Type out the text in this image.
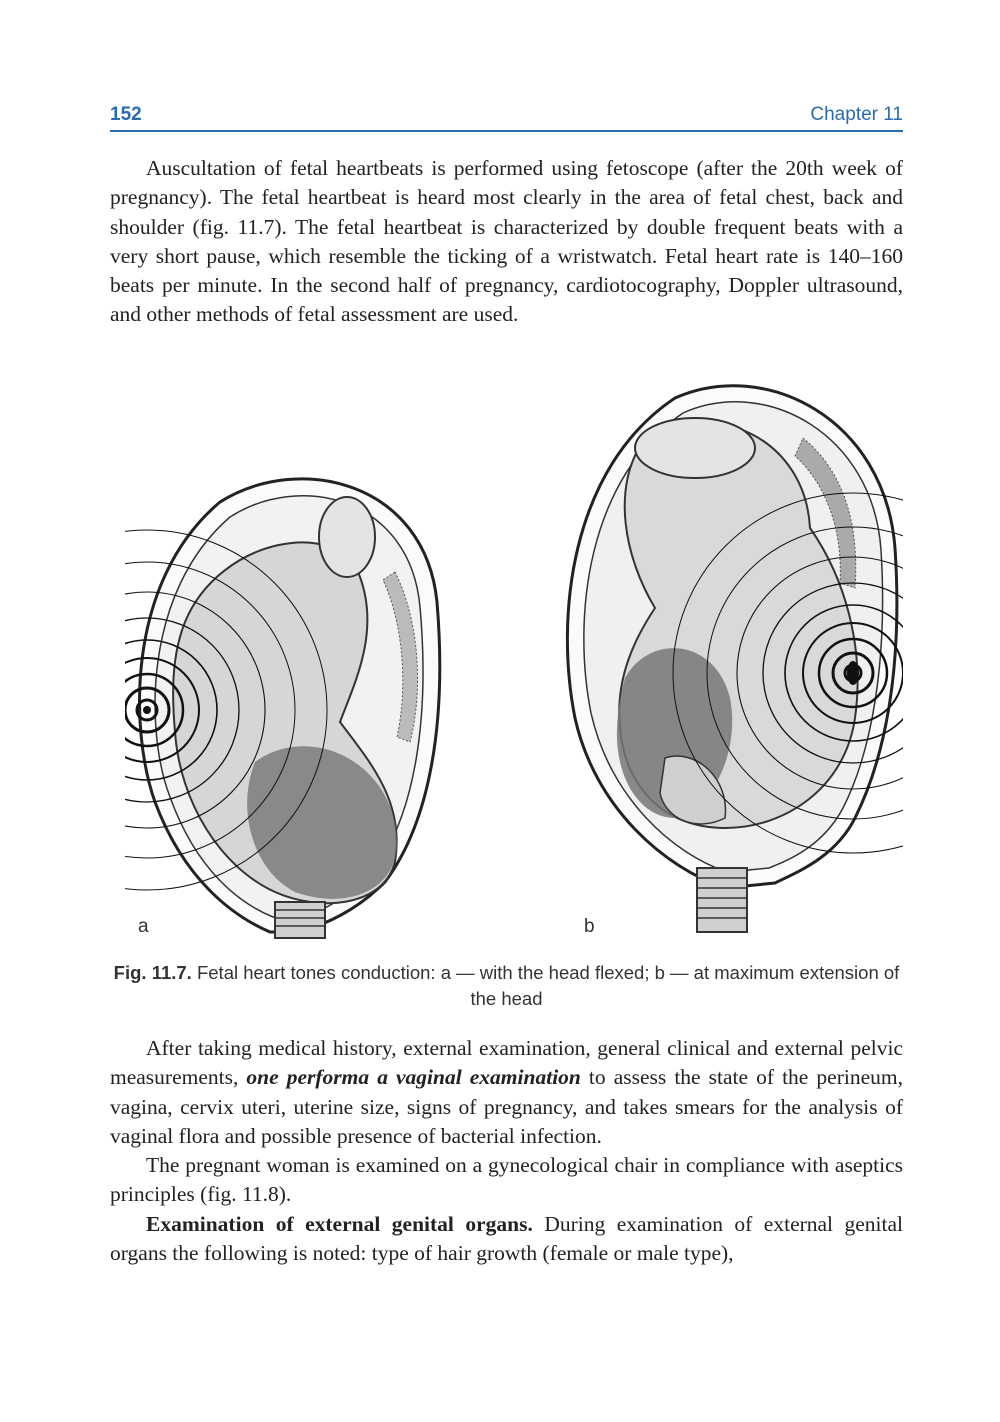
152	Chapter 11

Auscultation of fetal heartbeats is performed using fetoscope (after the 20th week of pregnancy). The fetal heartbeat is heard most clearly in the area of fetal chest, back and shoulder (fig. 11.7). The fetal heartbeat is characterized by double frequent beats with a very short pause, which resemble the ticking of a wristwatch. Fetal heart rate is 140–160 beats per minute. In the second half of pregnancy, cardiotocography, Doppler ultrasound, and other methods of fetal assessment are used.

a	b
Fig. 11.7. Fetal heart tones conduction: a — with the head flexed; b — at maximum extension of the head

After taking medical history, external examination, general clinical and external pelvic measurements, one performa a vaginal examination to assess the state of the perineum, vagina, cervix uteri, uterine size, signs of pregnancy, and takes smears for the analysis of vaginal flora and possible presence of bacterial infection.

The pregnant woman is examined on a gynecological chair in compliance with aseptics principles (fig. 11.8).

Examination of external genital organs. During examination of external genital organs the following is noted: type of hair growth (female or male type),
